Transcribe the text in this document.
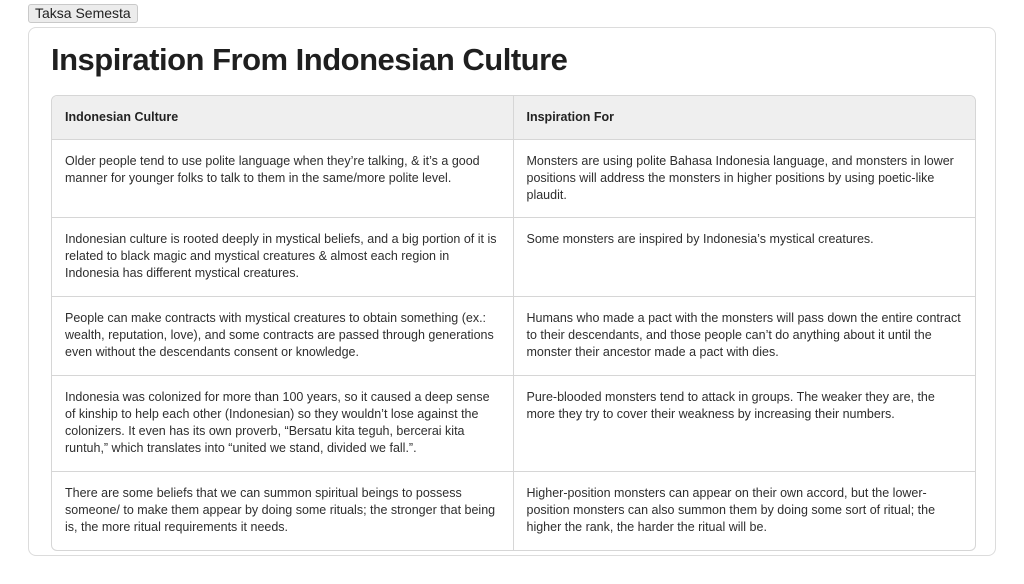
Taksa Semesta
Inspiration From Indonesian Culture
Indonesian Culture	Inspiration For
Older people tend to use polite language when they’re talking, & it’s a good manner for younger folks to talk to them in the same/more polite level.	Monsters are using polite Bahasa Indonesia language, and monsters in lower positions will address the monsters in higher positions by using poetic-like plaudit.
Indonesian culture is rooted deeply in mystical beliefs, and a big portion of it is related to black magic and mystical creatures & almost each region in Indonesia has different mystical creatures.	Some monsters are inspired by Indonesia’s mystical creatures.
People can make contracts with mystical creatures to obtain something (ex.: wealth, reputation, love), and some contracts are passed through generations even without the descendants consent or knowledge.	Humans who made a pact with the monsters will pass down the entire contract to their descendants, and those people can’t do anything about it until the monster their ancestor made a pact with dies.
Indonesia was colonized for more than 100 years, so it caused a deep sense of kinship to help each other (Indonesian) so they wouldn’t lose against the colonizers. It even has its own proverb, “Bersatu kita teguh, bercerai kita runtuh,” which translates into “united we stand, divided we fall.”.	Pure-blooded monsters tend to attack in groups. The weaker they are, the more they try to cover their weakness by increasing their numbers.
There are some beliefs that we can summon spiritual beings to possess someone/ to make them appear by doing some rituals; the stronger that being is, the more ritual requirements it needs.	Higher-position monsters can appear on their own accord, but the lower-position monsters can also summon them by doing some sort of ritual; the higher the rank, the harder the ritual will be.
